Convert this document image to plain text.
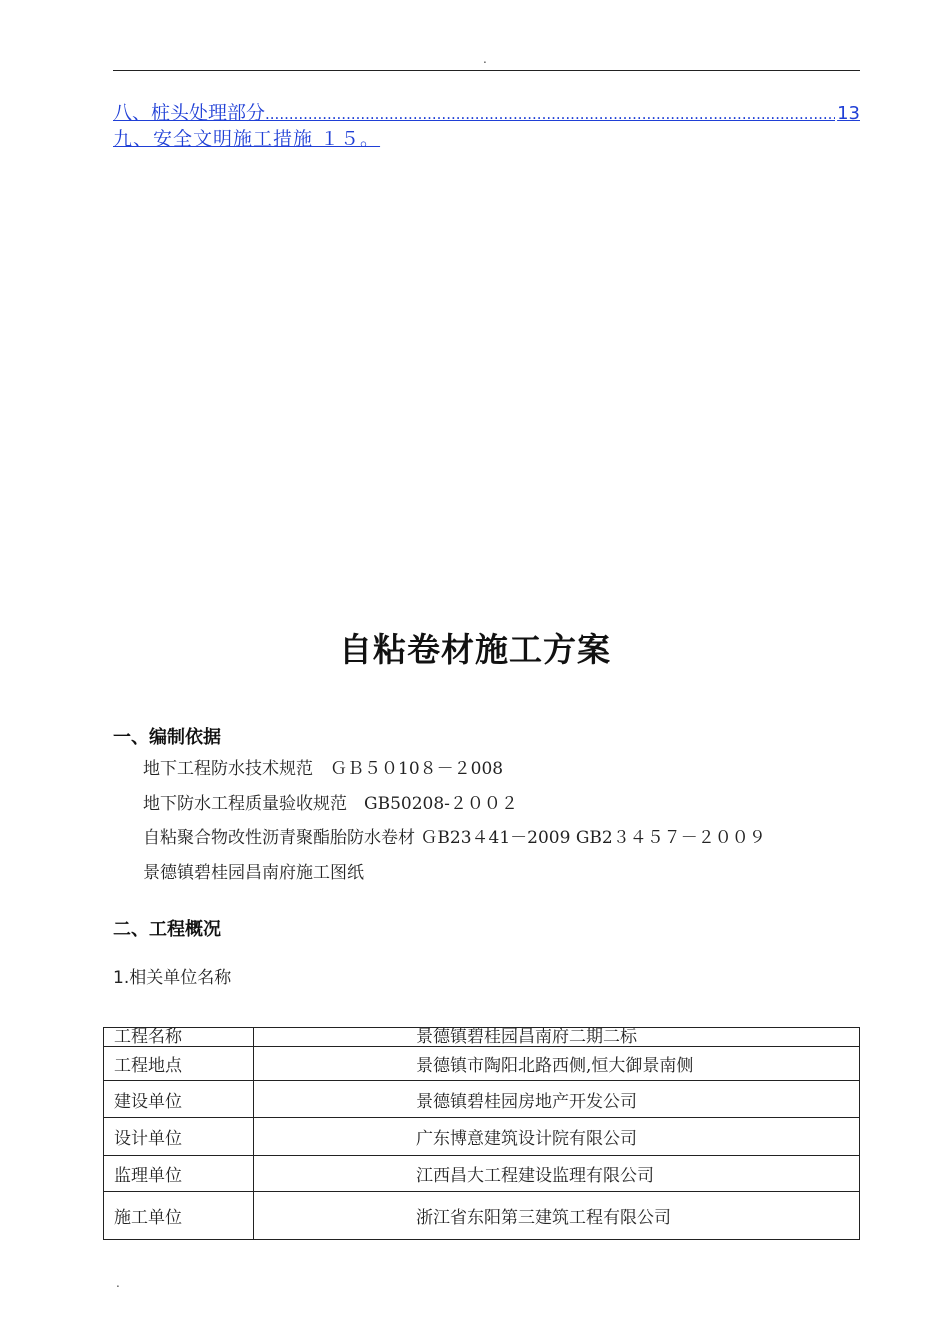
.
八、桩头处理部分 .....	13
九、安全文明施工措施 １５ 。
自粘卷材施工方案
一、编制依据
地下工程防水技术规范　ＧＢ５０10８－２008
地下防水工程质量验收规范　GB50208-２００２
自粘聚合物改性沥青聚酯胎防水卷材 ＧB23４41－2009 GB2３４５７－２００９
景德镇碧桂园昌南府施工图纸
二、工程概况
1.相关单位名称
工程名称	景德镇碧桂园昌南府二期二标
工程地点	景德镇市陶阳北路西侧,恒大御景南侧
建设单位	景德镇碧桂园房地产开发公司
设计单位	广东博意建筑设计院有限公司
监理单位	江西昌大工程建设监理有限公司
施工单位	浙江省东阳第三建筑工程有限公司
.
